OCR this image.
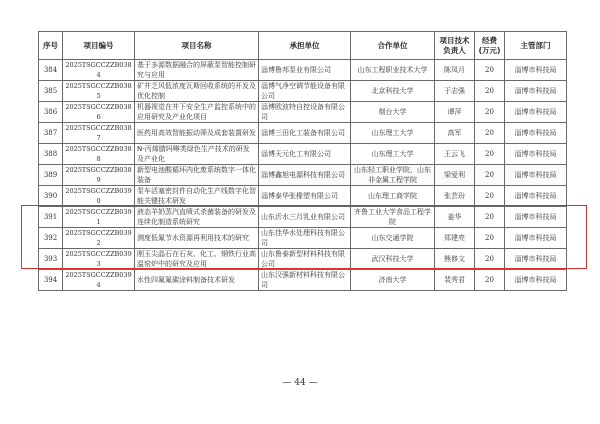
序号	项目编号	项目名称	承担单位	合作单位	项目技术负责人	经费(万元)	主管部门
384	2025TSGCCZZB0384	基于多源数据融合的屏蔽泵智能控制研究与应用	淄博鲁邦泵业有限公司	山东工程职业技术大学	陈凤月	20	淄博市科技局
385	2025TSGCCZZB0385	矿井乏风低浓度瓦斯回收系统的开发及优化控制	淄博气净空调节能设备有限公司	北京科技大学	于志强	20	淄博市科技局
386	2025TSGCCZZB0386	机器视觉在井下安全生产监控系统中的应用研究及产业化项目	淄博欧波特自控设备有限公司	烟台大学	谭萍	20	淄博市科技局
387	2025TSGCCZZB0387	医药用高效智能振动筛及成套装置研发	淄博三田化工装备有限公司	山东理工大学	高军	20	淄博市科技局
388	2025TSGCCZZB0388	N-丙烯腈吗啉类绿色生产技术的研发及产业化	淄博天元化工有限公司	山东理工大学	王云飞	20	淄博市科技局
389	2025TSGCCZZB0389	新型电池酸循环内化废系统数字一体化装备	淄博鑫旭电源科技有限公司	山东轻工职业学院、山东非金属工程学院	梁爱利	20	淄博市科技局
390	2025TSGCCZZB0390	泵车活塞密封件自动化生产线数字化智能关键技术研发	淄博泰华张橡塑有限公司	山东理工商学院	张芸玢	20	淄博市科技局
391	2025TSGCCZZB0391	液态羊奶蒸汽直喷式杀菌装备的研发及连续化制造系统研究	山东沂水三月乳业有限公司	齐鲁工业大学食品工程学院	姜华	20	淄博市科技局
392	2025TSGCCZZB0392	测度低氟节水资源再利用技术的研究	山东佳华水处理科技有限公司	山东交通学院	郑建亮	20	淄博市科技局
393	2025TSGCCZZB0393	刚玉尖晶石在石灰、化工、钢铁行业高温窑炉中的研究及应用	山东鲁泰新型材料科技有限公司	武汉科技大学	熊修文	20	淄博市科技局
394	2025TSGCCZZB0394	水性四氟氟碳涂料制备技术研发	山东汉强新材料科技有限公司	济南大学	裴秀君	20	淄博市科技局
— 44 —
